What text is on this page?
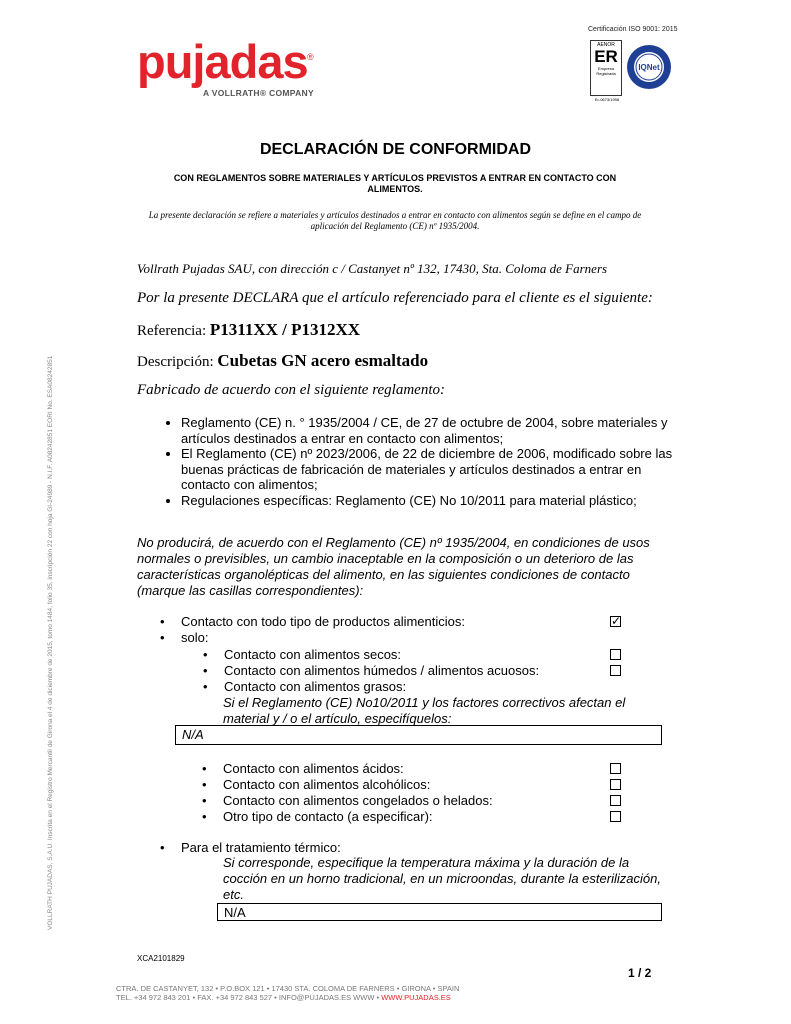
pujadas ®
A VOLLRATH® COMPANY
Certificación ISO 9001: 2015
AENOR
ER
Empresa Registrada
Er-0673/1998
IQNet
VOLLRATH PUJADAS, S.A.U. Inscrita en el Registro Mercantil de Girona el 4 de diciembre de 2015, tomo 1484, folio 35, inscripción 22 con hoja GI-24989 - N.I.F. A08242851 EORI No. ESA08242851
DECLARACIÓN DE CONFORMIDAD
CON REGLAMENTOS SOBRE MATERIALES Y ARTÍCULOS PREVISTOS A ENTRAR EN CONTACTO CON ALIMENTOS.
La presente declaración se refiere a materiales y artículos destinados a entrar en contacto con alimentos según se define en el campo de aplicación del Reglamento (CE) nº 1935/2004.
Vollrath Pujadas SAU, con dirección c / Castanyet nº 132, 17430, Sta. Coloma de Farners
Por la presente DECLARA que el artículo referenciado para el cliente es el siguiente:
Referencia: P1311XX / P1312XX
Descripción: Cubetas GN acero esmaltado
Fabricado de acuerdo con el siguiente reglamento:
• Reglamento (CE) n. ° 1935/2004 / CE, de 27 de octubre de 2004, sobre materiales y artículos destinados a entrar en contacto con alimentos;
• El Reglamento (CE) nº 2023/2006, de 22 de diciembre de 2006, modificado sobre las buenas prácticas de fabricación de materiales y artículos destinados a entrar en contacto con alimentos;
• Regulaciones específicas: Reglamento (CE) No 10/2011 para material plástico;
No producirá, de acuerdo con el Reglamento (CE) nº 1935/2004, en condiciones de usos normales o previsibles, un cambio inaceptable en la composición o un deterioro de las características organolépticas del alimento, en las siguientes condiciones de contacto (marque las casillas correspondientes):
• Contacto con todo tipo de productos alimenticios:	✓
• solo:
• Contacto con alimentos secos:
• Contacto con alimentos húmedos / alimentos acuosos:
• Contacto con alimentos grasos:
Si el Reglamento (CE) No10/2011 y los factores correctivos afectan el material y / o el artículo, especifíquelos:
N/A
• Contacto con alimentos ácidos:
• Contacto con alimentos alcohólicos:
• Contacto con alimentos congelados o helados:
• Otro tipo de contacto (a especificar):
• Para el tratamiento térmico:
Si corresponde, especifique la temperatura máxima y la duración de la cocción en un horno tradicional, en un microondas, durante la esterilización, etc.
N/A
XCA2101829
1 / 2
CTRA. DE CASTANYET, 132 • P.O.BOX 121 • 17430 STA. COLOMA DE FARNERS • GIRONA • SPAIN
TEL. +34 972 843 201 • FAX. +34 972 843 527 • INFO@PUJADAS.ES WWW • WWW.PUJADAS.ES
